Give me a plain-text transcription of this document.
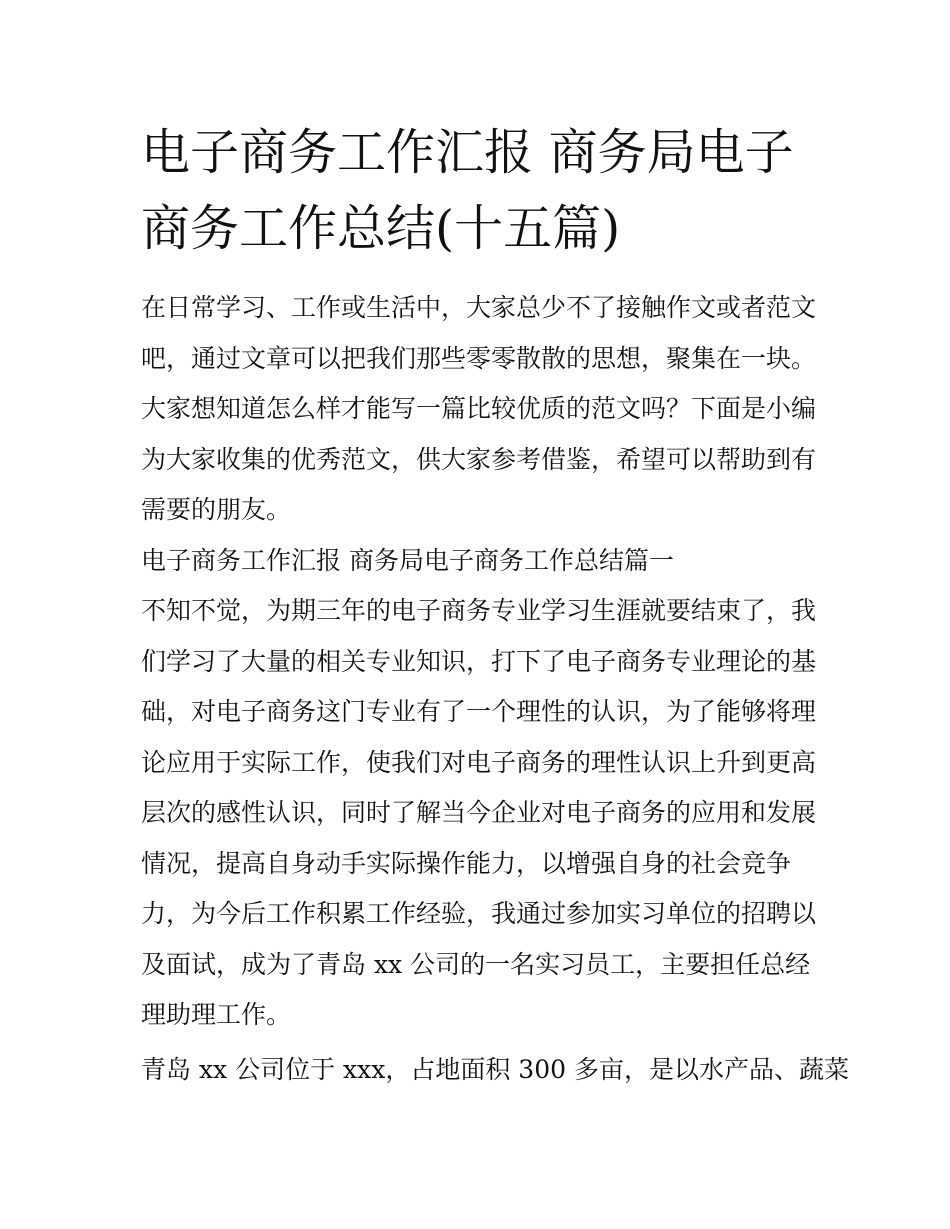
电子商务工作汇报 商务局电子
商务工作总结(十五篇)
在日常学习、工作或生活中，大家总少不了接触作文或者范文
吧，通过文章可以把我们那些零零散散的思想，聚集在一块。
大家想知道怎么样才能写一篇比较优质的范文吗？下面是小编
为大家收集的优秀范文，供大家参考借鉴，希望可以帮助到有
需要的朋友。
电子商务工作汇报 商务局电子商务工作总结篇一
不知不觉，为期三年的电子商务专业学习生涯就要结束了，我
们学习了大量的相关专业知识，打下了电子商务专业理论的基
础，对电子商务这门专业有了一个理性的认识，为了能够将理
论应用于实际工作，使我们对电子商务的理性认识上升到更高
层次的感性认识，同时了解当今企业对电子商务的应用和发展
情况，提高自身动手实际操作能力，以增强自身的社会竞争
力，为今后工作积累工作经验，我通过参加实习单位的招聘以
及面试，成为了青岛 xx 公司的一名实习员工，主要担任总经
理助理工作。
青岛 xx 公司位于 xxx，占地面积 300 多亩，是以水产品、蔬菜
